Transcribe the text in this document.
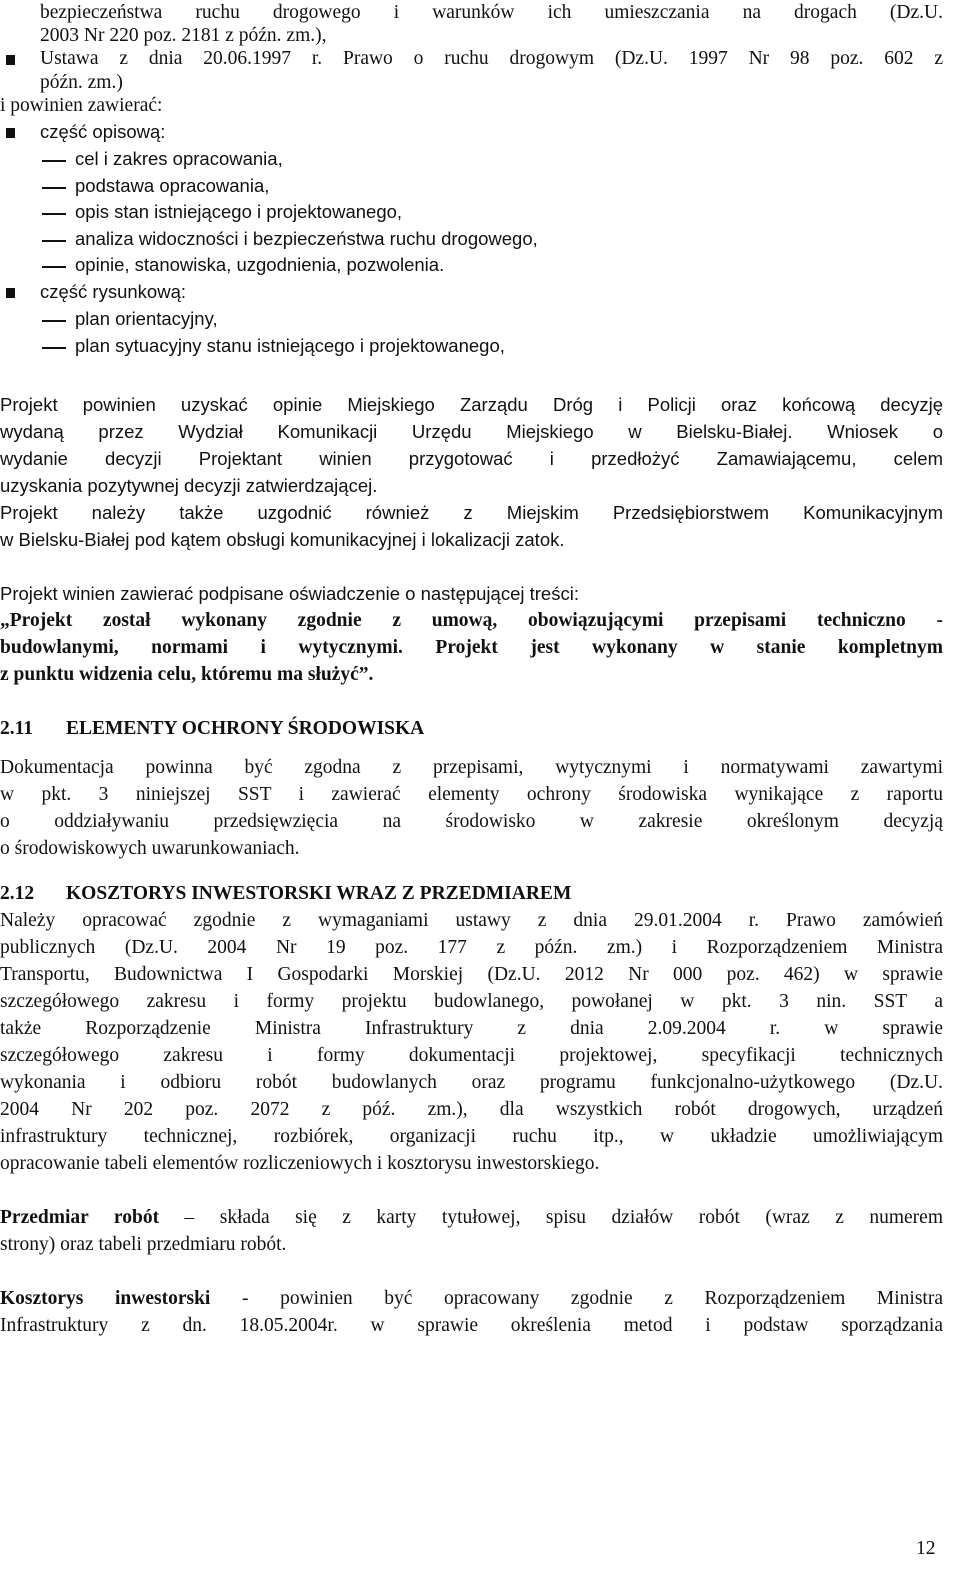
bezpieczeństwa ruchu drogowego i warunków ich umieszczania na drogach (Dz.U.
2003 Nr 220 poz. 2181 z późn. zm.),
Ustawa z dnia 20.06.1997 r. Prawo o ruchu drogowym (Dz.U. 1997 Nr 98 poz. 602 z
późn. zm.)
i powinien zawierać:
część opisową:
cel i zakres opracowania,
podstawa opracowania,
opis stan istniejącego i projektowanego,
analiza widoczności i bezpieczeństwa ruchu drogowego,
opinie, stanowiska, uzgodnienia, pozwolenia.
część rysunkową:
plan orientacyjny,
plan sytuacyjny stanu istniejącego i projektowanego,
Projekt powinien uzyskać opinie Miejskiego Zarządu Dróg i Policji oraz końcową decyzję
wydaną przez Wydział Komunikacji Urzędu Miejskiego w Bielsku-Białej. Wniosek o
wydanie decyzji Projektant winien przygotować i przedłożyć Zamawiającemu, celem
uzyskania pozytywnej decyzji zatwierdzającej.
Projekt należy także uzgodnić również z Miejskim Przedsiębiorstwem Komunikacyjnym
w Bielsku-Białej pod kątem obsługi komunikacyjnej i lokalizacji zatok.
Projekt winien zawierać podpisane oświadczenie o następującej treści:
„Projekt został wykonany zgodnie z umową, obowiązującymi przepisami techniczno -
budowlanymi, normami i wytycznymi. Projekt jest wykonany w stanie kompletnym
z punktu widzenia celu, któremu ma służyć”.
2.11 ELEMENTY OCHRONY ŚRODOWISKA
Dokumentacja powinna być zgodna z przepisami, wytycznymi i normatywami zawartymi
w pkt. 3 niniejszej SST i zawierać elementy ochrony środowiska wynikające z raportu
o oddziaływaniu przedsięwzięcia na środowisko w zakresie określonym decyzją
o środowiskowych uwarunkowaniach.
2.12 KOSZTORYS INWESTORSKI WRAZ Z PRZEDMIAREM
Należy opracować zgodnie z wymaganiami ustawy z dnia 29.01.2004 r. Prawo zamówień
publicznych (Dz.U. 2004 Nr 19 poz. 177 z późn. zm.) i Rozporządzeniem Ministra
Transportu, Budownictwa I Gospodarki Morskiej (Dz.U. 2012 Nr 000 poz. 462) w sprawie
szczegółowego zakresu i formy projektu budowlanego, powołanej w pkt. 3 nin. SST a
także Rozporządzenie Ministra Infrastruktury z dnia 2.09.2004 r. w sprawie
szczegółowego zakresu i formy dokumentacji projektowej, specyfikacji technicznych
wykonania i odbioru robót budowlanych oraz programu funkcjonalno-użytkowego (Dz.U.
2004 Nr 202 poz. 2072 z póź. zm.), dla wszystkich robót drogowych, urządzeń
infrastruktury technicznej, rozbiórek, organizacji ruchu itp., w układzie umożliwiającym
opracowanie tabeli elementów rozliczeniowych i kosztorysu inwestorskiego.
Przedmiar robót – składa się z karty tytułowej, spisu działów robót (wraz z numerem
strony) oraz tabeli przedmiaru robót.
Kosztorys inwestorski - powinien być opracowany zgodnie z Rozporządzeniem Ministra
Infrastruktury z dn. 18.05.2004r. w sprawie określenia metod i podstaw sporządzania
12
